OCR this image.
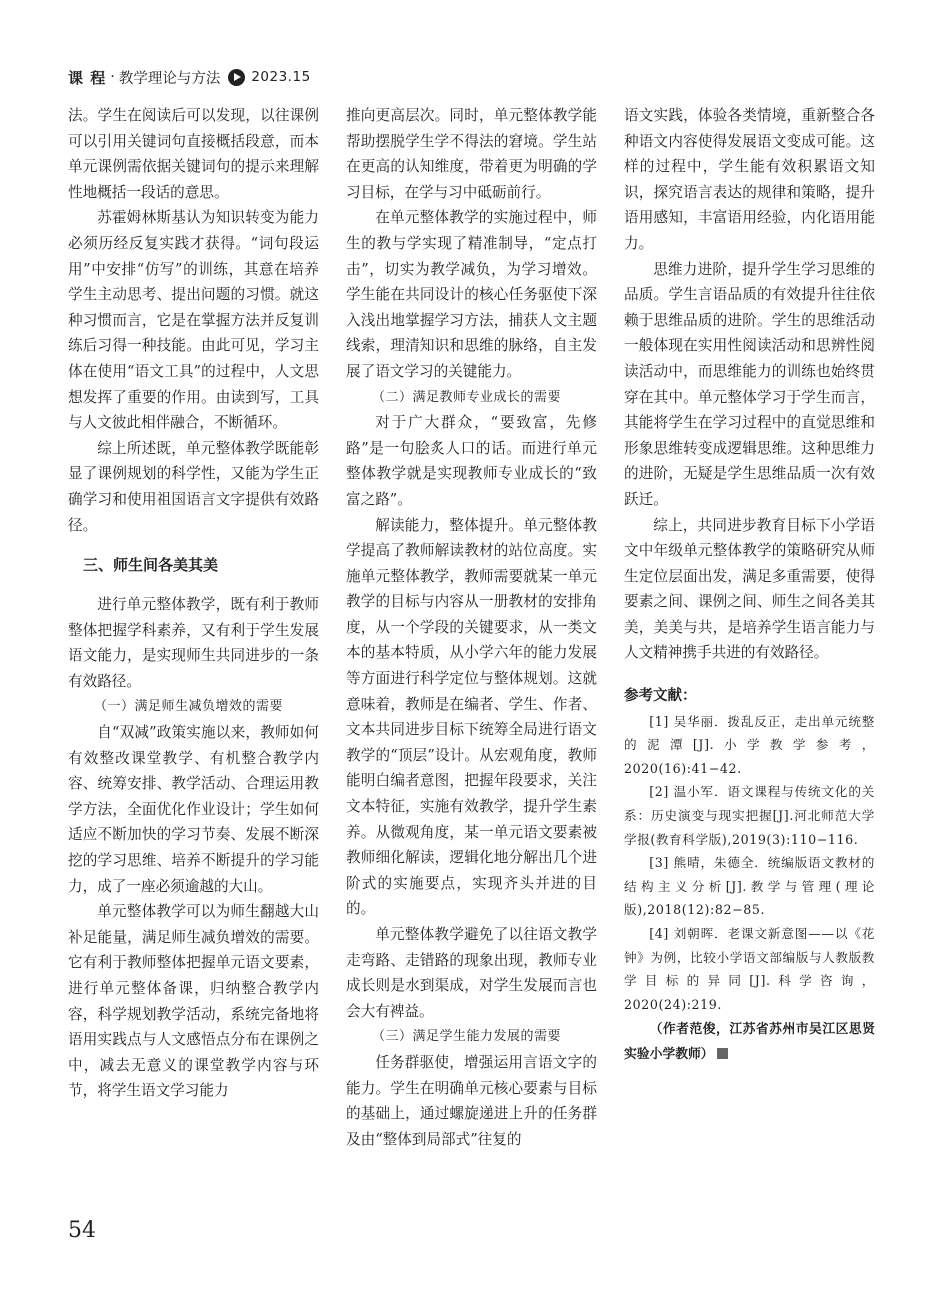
课 程 · 教学理论与方法 2023.15

法。学生在阅读后可以发现，以往课例可以引用关键词句直接概括段意，而本单元课例需依据关键词句的提示来理解性地概括一段话的意思。

苏霍姆林斯基认为知识转变为能力必须历经反复实践才获得。“词句段运用”中安排“仿写”的训练，其意在培养学生主动思考、提出问题的习惯。就这种习惯而言，它是在掌握方法并反复训练后习得一种技能。由此可见，学习主体在使用“语文工具”的过程中，人文思想发挥了重要的作用。由读到写，工具与人文彼此相伴融合，不断循环。

综上所述既，单元整体教学既能彰显了课例规划的科学性，又能为学生正确学习和使用祖国语言文字提供有效路径。

三、师生间各美其美

进行单元整体教学，既有利于教师整体把握学科素养，又有利于学生发展语文能力，是实现师生共同进步的一条有效路径。

（一）满足师生减负增效的需要

自“双减”政策实施以来，教师如何有效整改课堂教学、有机整合教学内容、统筹安排、教学活动、合理运用教学方法，全面优化作业设计；学生如何适应不断加快的学习节奏、发展不断深挖的学习思维、培养不断提升的学习能力，成了一座必须逾越的大山。

单元整体教学可以为师生翻越大山补足能量，满足师生减负增效的需要。它有利于教师整体把握单元语文要素，进行单元整体备课，归纳整合教学内容，科学规划教学活动，系统完备地将语用实践点与人文感悟点分布在课例之中，减去无意义的课堂教学内容与环节，将学生语文学习能力

推向更高层次。同时，单元整体教学能帮助摆脱学生学不得法的窘境。学生站在更高的认知维度，带着更为明确的学习目标，在学与习中砥砺前行。

在单元整体教学的实施过程中，师生的教与学实现了精准制导，“定点打击”，切实为教学减负，为学习增效。学生能在共同设计的核心任务驱使下深入浅出地掌握学习方法，捕获人文主题线索，理清知识和思维的脉络，自主发展了语文学习的关键能力。

（二）满足教师专业成长的需要

对于广大群众，“要致富，先修路”是一句脍炙人口的话。而进行单元整体教学就是实现教师专业成长的“致富之路”。

解读能力，整体提升。单元整体教学提高了教师解读教材的站位高度。实施单元整体教学，教师需要就某一单元教学的目标与内容从一册教材的安排角度，从一个学段的关键要求，从一类文本的基本特质，从小学六年的能力发展等方面进行科学定位与整体规划。这就意味着，教师是在编者、学生、作者、文本共同进步目标下统筹全局进行语文教学的“顶层”设计。从宏观角度，教师能明白编者意图，把握年段要求，关注文本特征，实施有效教学，提升学生素养。从微观角度，某一单元语文要素被教师细化解读，逻辑化地分解出几个进阶式的实施要点，实现齐头并进的目的。

单元整体教学避免了以往语文教学走弯路、走错路的现象出现，教师专业成长则是水到渠成，对学生发展而言也会大有裨益。

（三）满足学生能力发展的需要

任务群驱使，增强运用言语文字的能力。学生在明确单元核心要素与目标的基础上，通过螺旋递进上升的任务群及由“整体到局部式”往复的

语文实践，体验各类情境，重新整合各种语文内容使得发展语文变成可能。这样的过程中，学生能有效积累语文知识，探究语言表达的规律和策略，提升语用感知，丰富语用经验，内化语用能力。

思维力进阶，提升学生学习思维的品质。学生言语品质的有效提升往往依赖于思维品质的进阶。学生的思维活动一般体现在实用性阅读活动和思辨性阅读活动中，而思维能力的训练也始终贯穿在其中。单元整体学习于学生而言，其能将学生在学习过程中的直觉思维和形象思维转变成逻辑思维。这种思维力的进阶，无疑是学生思维品质一次有效跃迁。

综上，共同进步教育目标下小学语文中年级单元整体教学的策略研究从师生定位层面出发，满足多重需要，使得要素之间、课例之间、师生之间各美其美，美美与共，是培养学生语言能力与人文精神携手共进的有效路径。

参考文献：

[1] 吴华丽．拨乱反正，走出单元统整的泥潭[J].小学教学参考，2020(16):41−42.

[2] 温小军．语文课程与传统文化的关系：历史演变与现实把握[J].河北师范大学学报(教育科学版),2019(3):110−116.

[3] 熊晴，朱德全．统编版语文教材的结构主义分析[J].教学与管理(理论版),2018(12):82−85.

[4] 刘朝晖．老课文新意图——以《花钟》为例，比较小学语文部编版与人教版教学目标的异同[J].科学咨询，2020(24):219.

（作者范俊，江苏省苏州市吴江区思贤实验小学教师）

54
